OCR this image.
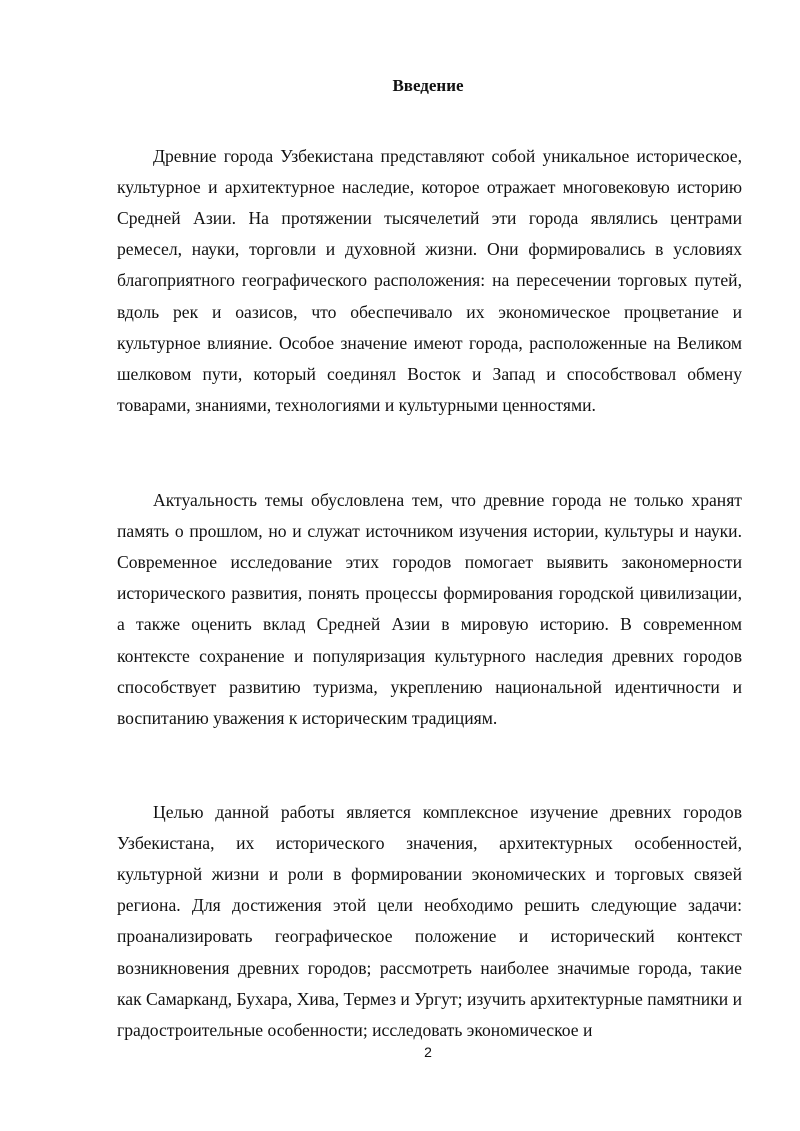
Введение

Древние города Узбекистана представляют собой уникальное историческое, культурное и архитектурное наследие, которое отражает многовековую историю Средней Азии. На протяжении тысячелетий эти города являлись центрами ремесел, науки, торговли и духовной жизни. Они формировались в условиях благоприятного географического расположения: на пересечении торговых путей, вдоль рек и оазисов, что обеспечивало их экономическое процветание и культурное влияние. Особое значение имеют города, расположенные на Великом шелковом пути, который соединял Восток и Запад и способствовал обмену товарами, знаниями, технологиями и культурными ценностями.

Актуальность темы обусловлена тем, что древние города не только хранят память о прошлом, но и служат источником изучения истории, культуры и науки. Современное исследование этих городов помогает выявить закономерности исторического развития, понять процессы формирования городской цивилизации, а также оценить вклад Средней Азии в мировую историю. В современном контексте сохранение и популяризация культурного наследия древних городов способствует развитию туризма, укреплению национальной идентичности и воспитанию уважения к историческим традициям.

Целью данной работы является комплексное изучение древних городов Узбекистана, их исторического значения, архитектурных особенностей, культурной жизни и роли в формировании экономических и торговых связей региона. Для достижения этой цели необходимо решить следующие задачи: проанализировать географическое положение и исторический контекст возникновения древних городов; рассмотреть наиболее значимые города, такие как Самарканд, Бухара, Хива, Термез и Ургут; изучить архитектурные памятники и градостроительные особенности; исследовать экономическое и

2
